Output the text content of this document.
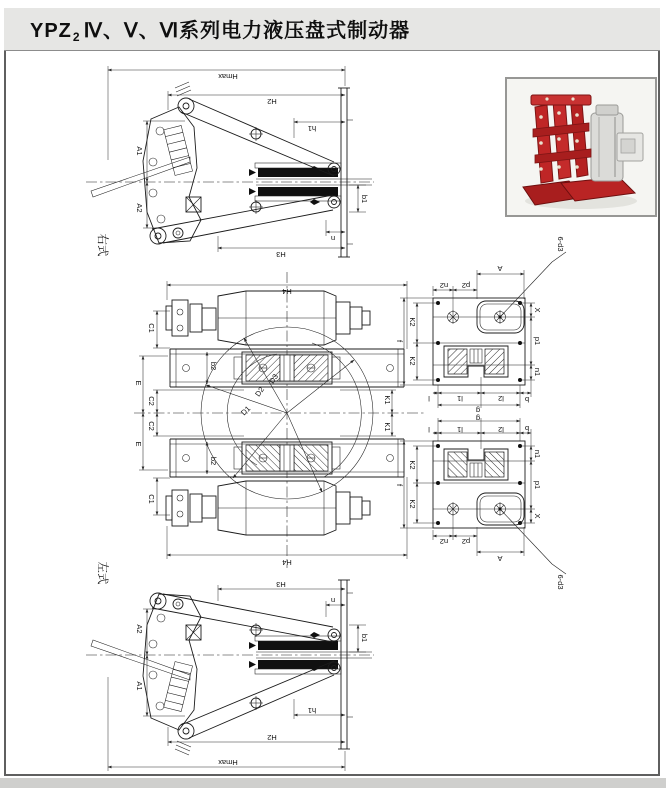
$YPZ_2$ Ⅳ、Ⅴ、Ⅵ系列电力液压盘式制动器
Hmax
H2
h1
H3
A1
A2
b1
n
右式
Hmax
H2
h1
H3
A1
A2
b1
n
左式
H4
H4
C1
C1
C2
C2
E
E
K1
K1
b2
b2
D1
D2
D3
6-d3
A
n2 p2
K2
K2
f
X
p1
n1
l	l1	l2	b
g
6-d3
A
n2 p2
K2
K2
f
X
p1
n1
l	l1	l2	b
g
